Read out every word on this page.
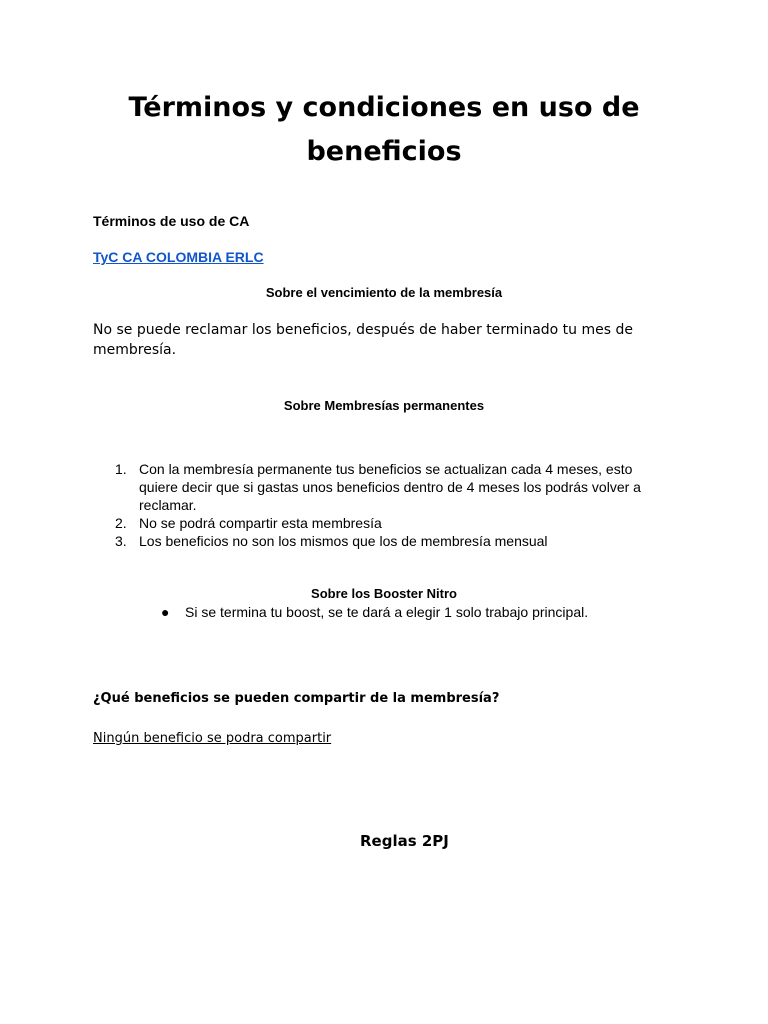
Términos y condiciones en uso de beneficios

Términos de uso de CA

TyC CA COLOMBIA ERLC

Sobre el vencimiento de la membresía

No se puede reclamar los beneficios, después de haber terminado tu mes de membresía.

Sobre Membresías permanentes

1. Con la membresía permanente tus beneficios se actualizan cada 4 meses, esto quiere decir que si gastas unos beneficios dentro de 4 meses los podrás volver a reclamar.
2. No se podrá compartir esta membresía
3. Los beneficios no son los mismos que los de membresía mensual

Sobre los Booster Nitro

● Si se termina tu boost, se te dará a elegir 1 solo trabajo principal.

¿Qué beneficios se pueden compartir de la membresía?

Ningún beneficio se podra compartir

Reglas 2PJ
